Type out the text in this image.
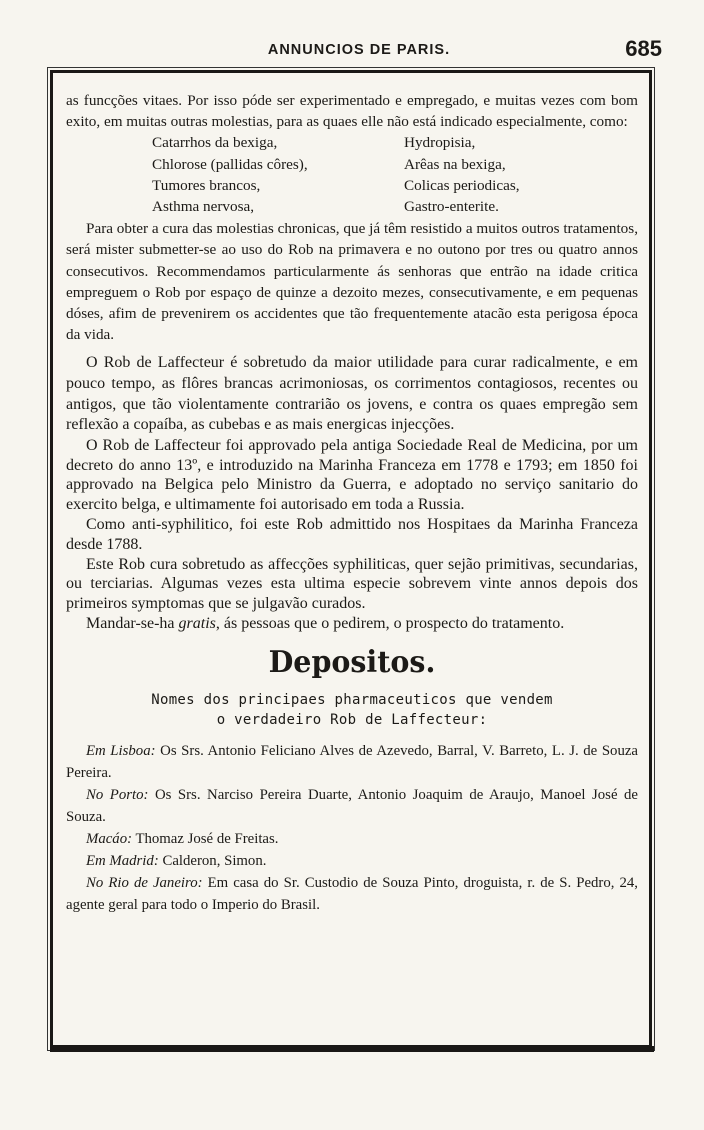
ANNUNCIOS DE PARIS.	685

as funcções vitaes. Por isso póde ser experimentado e empregado, e muitas vezes com bom exito, em muitas outras molestias, para as quaes elle não está indicado especialmente, como:

Catarrhos da bexiga,	Hydropisia,
Chlorose (pallidas côres),	Arêas na bexiga,
Tumores brancos,	Colicas periodicas,
Asthma nervosa,	Gastro-enterite.

Para obter a cura das molestias chronicas, que já têm resistido a muitos outros tratamentos, será mister submetter-se ao uso do Rob na primavera e no outono por tres ou quatro annos consecutivos. Recommendamos particularmente ás senhoras que entrão na idade critica empreguem o Rob por espaço de quinze a dezoito mezes, consecutivamente, e em pequenas dóses, afim de prevenirem os accidentes que tão frequentemente atacão esta perigosa época da vida.

O Rob de Laffecteur é sobretudo da maior utilidade para curar radicalmente, e em pouco tempo, as flôres brancas acrimoniosas, os corrimentos contagiosos, recentes ou antigos, que tão violentamente contrarião os jovens, e contra os quaes empregão sem reflexão a copaíba, as cubebas e as mais energicas injecções.

O Rob de Laffecteur foi approvado pela antiga Sociedade Real de Medicina, por um decreto do anno 13º, e introduzido na Marinha Franceza em 1778 e 1793; em 1850 foi approvado na Belgica pelo Ministro da Guerra, e adoptado no serviço sanitario do exercito belga, e ultimamente foi autorisado em toda a Russia.

Como anti-syphilitico, foi este Rob admittido nos Hospitaes da Marinha Franceza desde 1788.

Este Rob cura sobretudo as affecções syphiliticas, quer sejão primitivas, secundarias, ou terciarias. Algumas vezes esta ultima especie sobrevem vinte annos depois dos primeiros symptomas que se julgavão curados.

Mandar-se-ha gratis, ás pessoas que o pedirem, o prospecto do tratamento.

Depositos.
Nomes dos principaes pharmaceuticos que vendem
o verdadeiro Rob de Laffecteur:

Em Lisboa: Os Srs. Antonio Feliciano Alves de Azevedo, Barral, V. Barreto, L. J. de Souza Pereira.

No Porto: Os Srs. Narciso Pereira Duarte, Antonio Joaquim de Araujo, Manoel José de Souza.

Macáo: Thomaz José de Freitas.

Em Madrid: Calderon, Simon.

No Rio de Janeiro: Em casa do Sr. Custodio de Souza Pinto, droguista, r. de S. Pedro, 24, agente geral para todo o Imperio do Brasil.
